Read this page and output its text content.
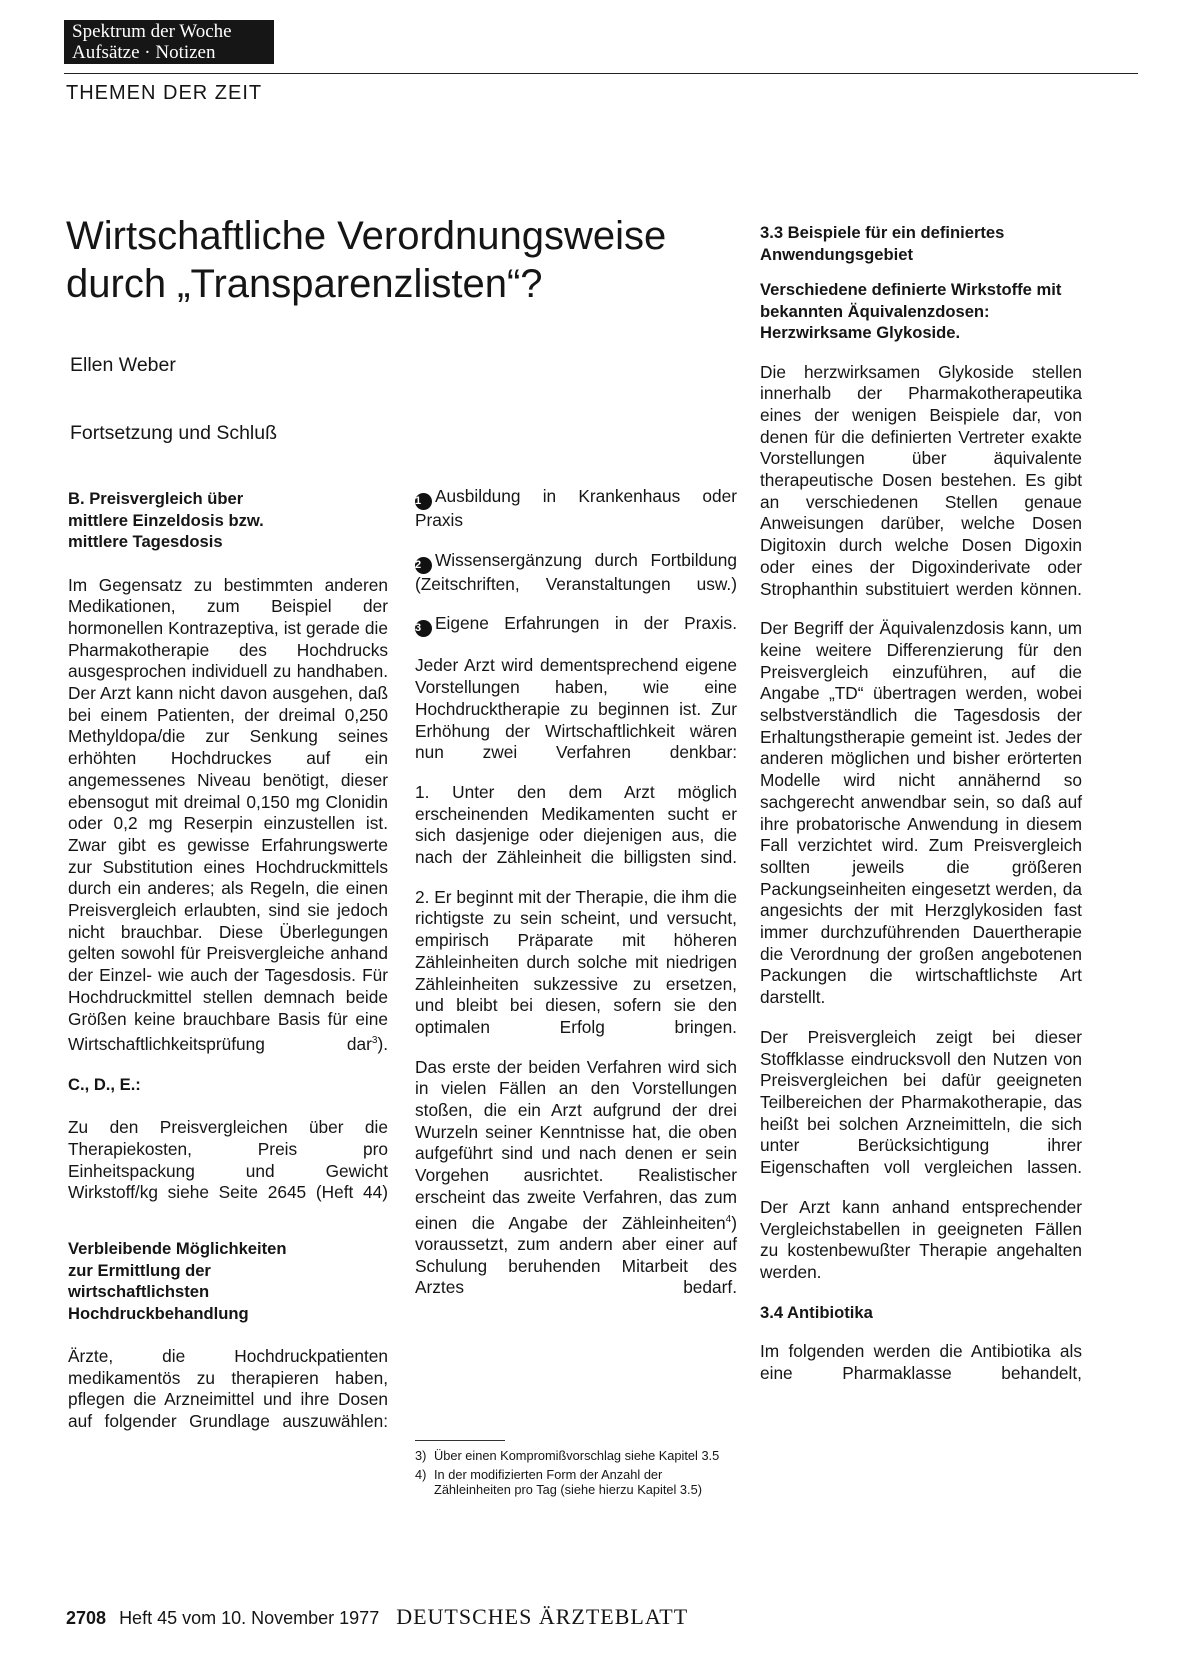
Spektrum der Woche
Aufsätze · Notizen
THEMEN DER ZEIT
Wirtschaftliche Verordnungsweise
durch „Transparenzlisten“?
Ellen Weber
Fortsetzung und Schluß
B. Preisvergleich über mittlere Einzeldosis bzw. mittlere Tagesdosis

Im Gegensatz zu bestimmten anderen Medikationen, zum Beispiel der hormonellen Kontrazeptiva, ist gerade die Pharmakotherapie des Hochdrucks ausgesprochen individuell zu handhaben. Der Arzt kann nicht davon ausgehen, daß bei einem Patienten, der dreimal 0,250 Methyldopa/die zur Senkung seines erhöhten Hochdruckes auf ein angemessenes Niveau benötigt, dieser ebensogut mit dreimal 0,150 mg Clonidin oder 0,2 mg Reserpin einzustellen ist. Zwar gibt es gewisse Erfahrungswerte zur Substitution eines Hochdruckmittels durch ein anderes; als Regeln, die einen Preisvergleich erlaubten, sind sie jedoch nicht brauchbar. Diese Überlegungen gelten sowohl für Preisvergleiche anhand der Einzel- wie auch der Tagesdosis. Für Hochdruckmittel stellen demnach beide Größen keine brauchbare Basis für eine Wirtschaftlichkeitsprüfung dar$^3$).

C., D., E.:

Zu den Preisvergleichen über die Therapiekosten, Preis pro Einheitspackung und Gewicht Wirkstoff/kg siehe Seite 2645 (Heft 44)

Verbleibende Möglichkeiten zur Ermittlung der wirtschaftlichsten Hochdruckbehandlung

Ärzte, die Hochdruckpatienten medikamentös zu therapieren haben, pflegen die Arzneimittel und ihre Dosen auf folgender Grundlage auszuwählen:

1 Ausbildung in Krankenhaus oder Praxis

2 Wissensergänzung durch Fortbildung (Zeitschriften, Veranstaltungen usw.)

3 Eigene Erfahrungen in der Praxis.

Jeder Arzt wird dementsprechend eigene Vorstellungen haben, wie eine Hochdrucktherapie zu beginnen ist. Zur Erhöhung der Wirtschaftlichkeit wären nun zwei Verfahren denkbar:

1. Unter den dem Arzt möglich erscheinenden Medikamenten sucht er sich dasjenige oder diejenigen aus, die nach der Zähleinheit die billigsten sind.

2. Er beginnt mit der Therapie, die ihm die richtigste zu sein scheint, und versucht, empirisch Präparate mit höheren Zähleinheiten durch solche mit niedrigen Zähleinheiten sukzessive zu ersetzen, und bleibt bei diesen, sofern sie den optimalen Erfolg bringen.

Das erste der beiden Verfahren wird sich in vielen Fällen an den Vorstellungen stoßen, die ein Arzt aufgrund der drei Wurzeln seiner Kenntnisse hat, die oben aufgeführt sind und nach denen er sein Vorgehen ausrichtet. Realistischer erscheint das zweite Verfahren, das zum einen die Angabe der Zähleinheiten$^4$) voraussetzt, zum andern aber einer auf Schulung beruhenden Mitarbeit des Arztes bedarf.

3) Über einen Kompromißvorschlag siehe Kapitel 3.5
4) In der modifizierten Form der Anzahl der Zähleinheiten pro Tag (siehe hierzu Kapitel 3.5)
3.3 Beispiele für ein definiertes Anwendungsgebiet
Verschiedene definierte Wirkstoffe mit bekannten Äquivalenzdosen: Herzwirksame Glykoside.

Die herzwirksamen Glykoside stellen innerhalb der Pharmakotherapeutika eines der wenigen Beispiele dar, von denen für die definierten Vertreter exakte Vorstellungen über äquivalente therapeutische Dosen bestehen. Es gibt an verschiedenen Stellen genaue Anweisungen darüber, welche Dosen Digitoxin durch welche Dosen Digoxin oder eines der Digoxinderivate oder Strophanthin substituiert werden können.

Der Begriff der Äquivalenzdosis kann, um keine weitere Differenzierung für den Preisvergleich einzuführen, auf die Angabe „TD“ übertragen werden, wobei selbstverständlich die Tagesdosis der Erhaltungstherapie gemeint ist. Jedes der anderen möglichen und bisher erörterten Modelle wird nicht annähernd so sachgerecht anwendbar sein, so daß auf ihre probatorische Anwendung in diesem Fall verzichtet wird. Zum Preisvergleich sollten jeweils die größeren Packungseinheiten eingesetzt werden, da angesichts der mit Herzglykosiden fast immer durchzuführenden Dauertherapie die Verordnung der großen angebotenen Packungen die wirtschaftlichste Art darstellt.

Der Preisvergleich zeigt bei dieser Stoffklasse eindrucksvoll den Nutzen von Preisvergleichen bei dafür geeigneten Teilbereichen der Pharmakotherapie, das heißt bei solchen Arzneimitteln, die sich unter Berücksichtigung ihrer Eigenschaften voll vergleichen lassen.

Der Arzt kann anhand entsprechender Vergleichstabellen in geeigneten Fällen zu kostenbewußter Therapie angehalten werden.

3.4 Antibiotika

Im folgenden werden die Antibiotika als eine Pharmaklasse behandelt,

2708 Heft 45 vom 10. November 1977 DEUTSCHES ÄRZTEBLATT
